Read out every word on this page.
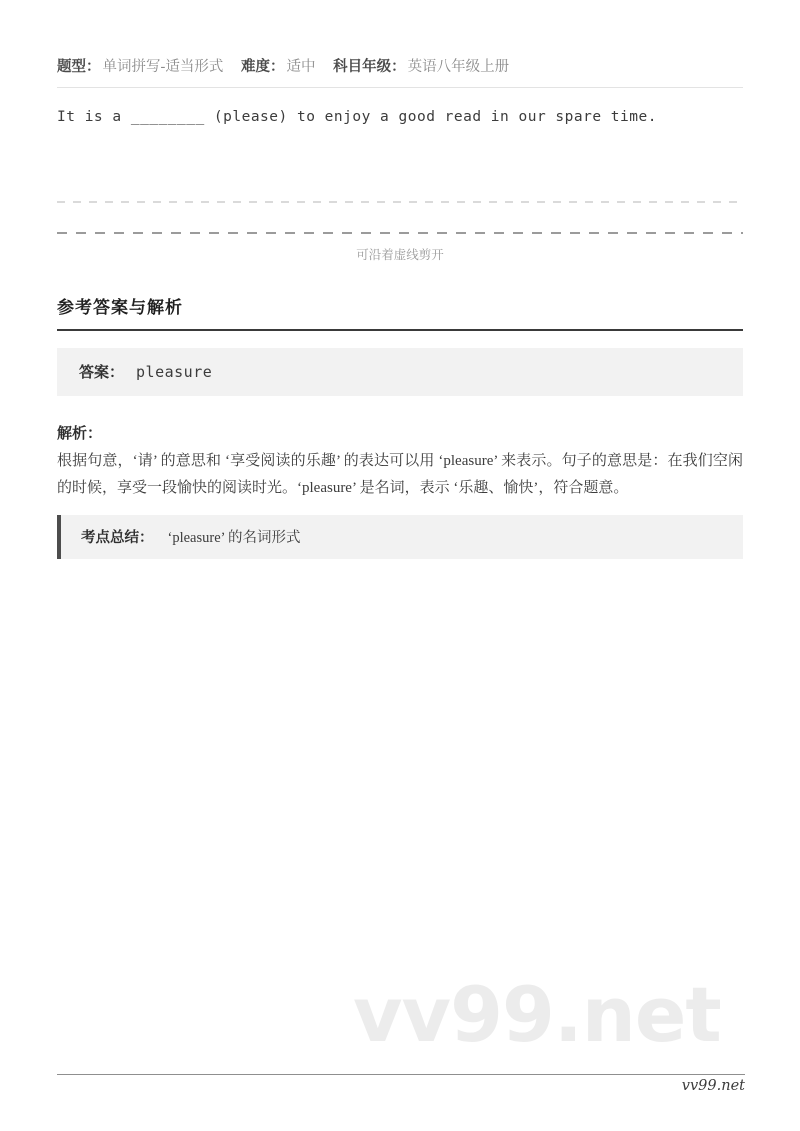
题型： 单词拼写-适当形式 难度： 适中 科目年级： 英语八年级上册
It is a ________ (please) to enjoy a good read in our spare time.
可沿着虚线剪开
参考答案与解析
答案： pleasure
解析：
根据句意，‘请’ 的意思和 ‘享受阅读的乐趣’ 的表达可以用 ‘pleasure’ 来表示。句子的意思是：在我们空闲的时候，享受一段愉快的阅读时光。‘pleasure’ 是名词，表示 ‘乐趣、愉快’，符合题意。
考点总结： ‘pleasure’ 的名词形式
vv99.net
vv99.net
